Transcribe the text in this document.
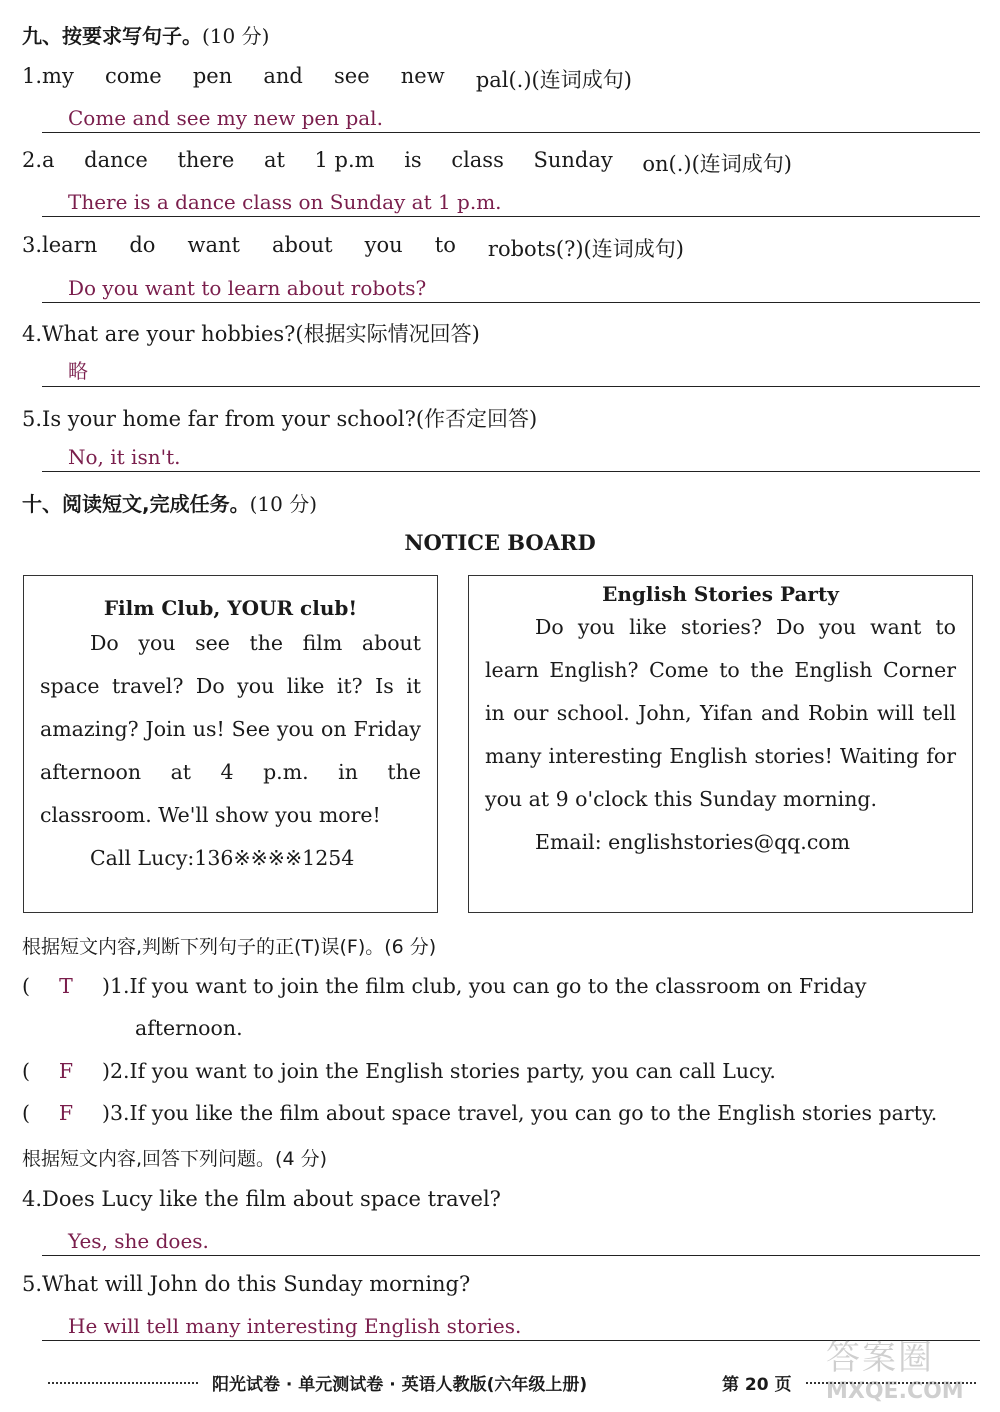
九、按要求写句子。(10 分)
1.my come pen and see new pal(.)(连词成句)
Come and see my new pen pal.
2.a dance there at 1 p.m is class Sunday on(.)(连词成句)
There is a dance class on Sunday at 1 p.m.
3.learn do want about you to robots(?)(连词成句)
Do you want to learn about robots?
4.What are your hobbies?(根据实际情况回答)
略
5.Is your home far from your school?(作否定回答)
No, it isn't.
十、阅读短文,完成任务。(10 分)
NOTICE BOARD
Film Club, YOUR club!

Do you see the film about space travel? Do you like it? Is it amazing? Join us! See you on Friday afternoon at 4 p.m. in the classroom. We'll show you more!

Call Lucy:136※※※※1254

English Stories Party

Do you like stories? Do you want to learn English? Come to the English Corner in our school. John, Yifan and Robin will tell many interesting English stories! Waiting for you at 9 o'clock this Sunday morning.

Email: englishstories@qq.com

根据短文内容,判断下列句子的正(T)误(F)。(6 分)
( T )1.If you want to join the film club, you can go to the classroom on Friday
afternoon.
( F )2.If you want to join the English stories party, you can call Lucy.
( F )3.If you like the film about space travel, you can go to the English stories party.
根据短文内容,回答下列问题。(4 分)
4.Does Lucy like the film about space travel?
Yes, she does.
5.What will John do this Sunday morning?
He will tell many interesting English stories.
阳光试卷 · 单元测试卷 · 英语人教版(六年级上册)	第 20 页
答案圈
MXQE.COM
